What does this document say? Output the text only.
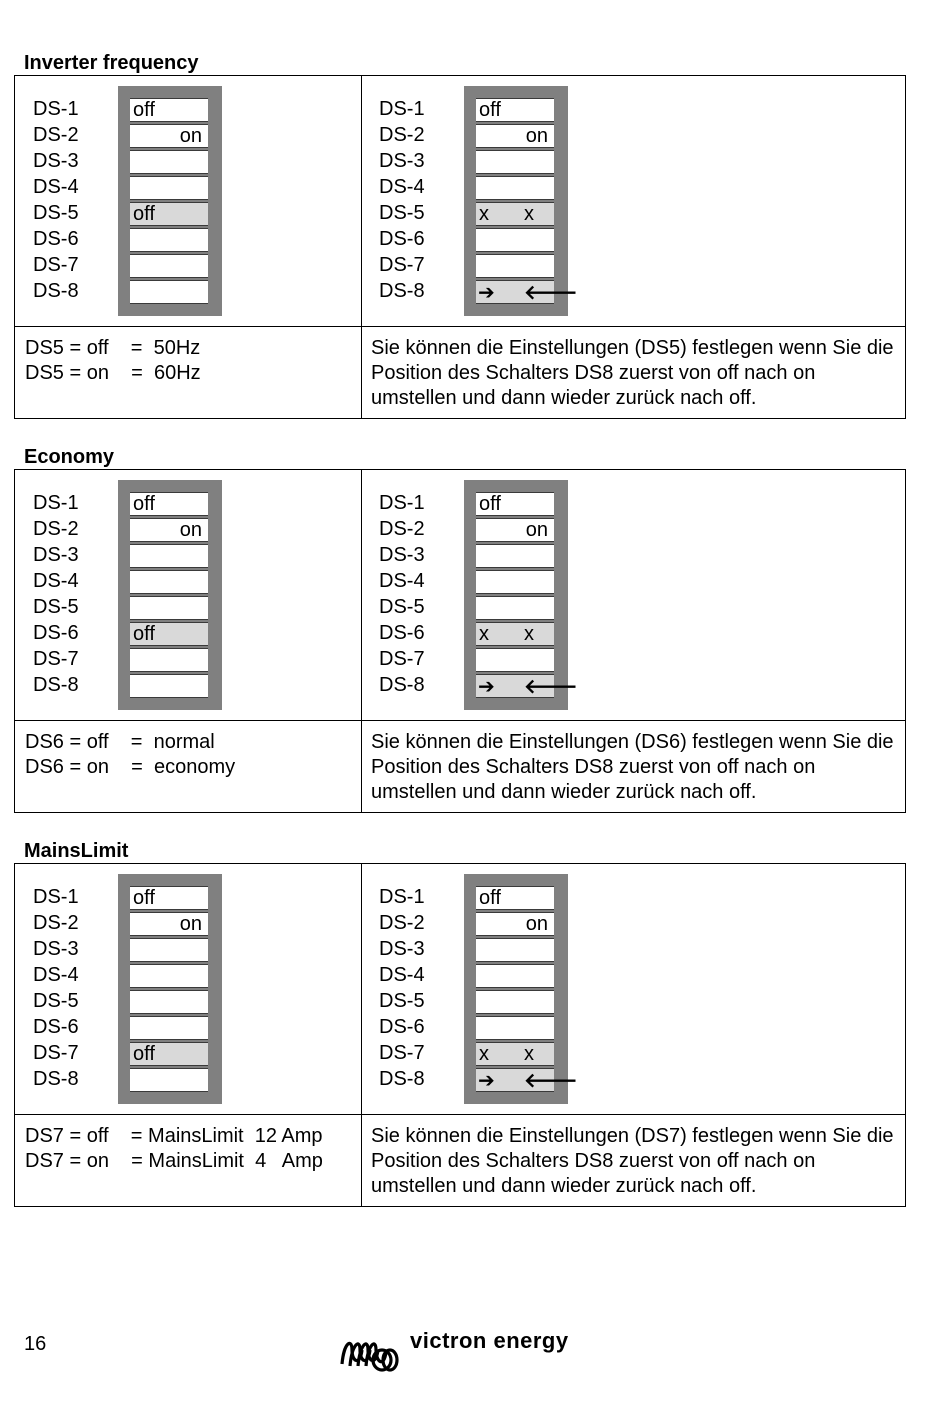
Inverter frequency
DS-1
DS-2
DS-3
DS-4
DS-5
DS-6
DS-7
DS-8
off
on
off
DS-1
DS-2
DS-3
DS-4
DS-5
DS-6
DS-7
DS-8
off
on
x x
➔ 🡐
DS5 = off    =  50Hz
DS5 = on    =  60Hz
Sie können die Einstellungen (DS5) festlegen wenn Sie die Position des Schalters DS8 zuerst von off nach on umstellen und dann wieder zurück nach off.
Economy
DS-1
DS-2
DS-3
DS-4
DS-5
DS-6
DS-7
DS-8
off
on
off
DS-1
DS-2
DS-3
DS-4
DS-5
DS-6
DS-7
DS-8
off
on
x x
➔ 🡐
DS6 = off    =  normal
DS6 = on    =  economy
Sie können die Einstellungen (DS6) festlegen wenn Sie die Position des Schalters DS8 zuerst von off nach on umstellen und dann wieder zurück nach off.
MainsLimit
DS-1
DS-2
DS-3
DS-4
DS-5
DS-6
DS-7
DS-8
off
on
off
DS-1
DS-2
DS-3
DS-4
DS-5
DS-6
DS-7
DS-8
off
on
x x
➔ 🡐
DS7 = off    = MainsLimit  12 Amp
DS7 = on    = MainsLimit  4   Amp
Sie können die Einstellungen (DS7) festlegen wenn Sie die Position des Schalters DS8 zuerst von off nach on umstellen und dann wieder zurück nach off.
16	victron energy
